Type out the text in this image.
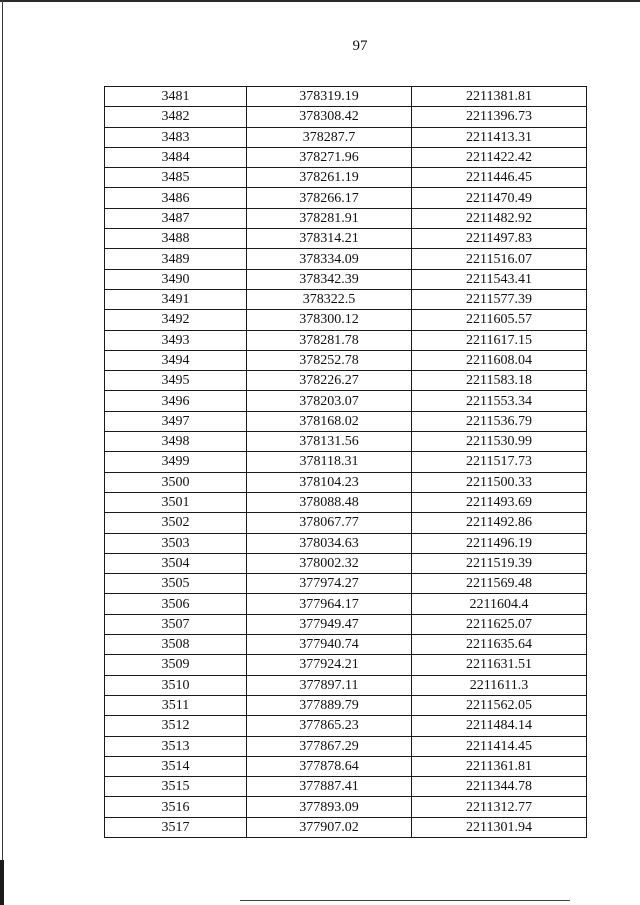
97
3481	378319.19	2211381.81
3482	378308.42	2211396.73
3483	378287.7	2211413.31
3484	378271.96	2211422.42
3485	378261.19	2211446.45
3486	378266.17	2211470.49
3487	378281.91	2211482.92
3488	378314.21	2211497.83
3489	378334.09	2211516.07
3490	378342.39	2211543.41
3491	378322.5	2211577.39
3492	378300.12	2211605.57
3493	378281.78	2211617.15
3494	378252.78	2211608.04
3495	378226.27	2211583.18
3496	378203.07	2211553.34
3497	378168.02	2211536.79
3498	378131.56	2211530.99
3499	378118.31	2211517.73
3500	378104.23	2211500.33
3501	378088.48	2211493.69
3502	378067.77	2211492.86
3503	378034.63	2211496.19
3504	378002.32	2211519.39
3505	377974.27	2211569.48
3506	377964.17	2211604.4
3507	377949.47	2211625.07
3508	377940.74	2211635.64
3509	377924.21	2211631.51
3510	377897.11	2211611.3
3511	377889.79	2211562.05
3512	377865.23	2211484.14
3513	377867.29	2211414.45
3514	377878.64	2211361.81
3515	377887.41	2211344.78
3516	377893.09	2211312.77
3517	377907.02	2211301.94
